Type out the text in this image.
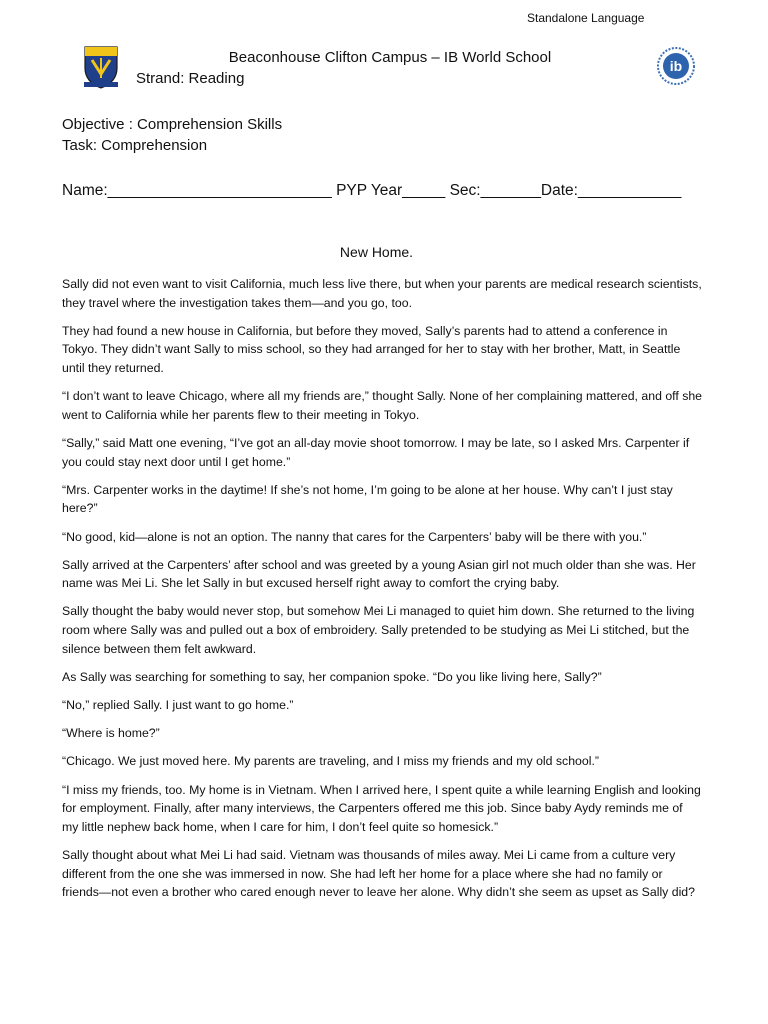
Standalone Language
Beaconhouse Clifton Campus – IB World School
Strand: Reading
ib
Objective : Comprehension Skills
Task: Comprehension
Name:__________________________ PYP Year_____ Sec:_______Date:____________
New Home.

Sally did not even want to visit California, much less live there, but when your parents are medical research scientists, they travel where the investigation takes them—and you go, too.

They had found a new house in California, but before they moved, Sally’s parents had to attend a conference in Tokyo. They didn’t want Sally to miss school, so they had arranged for her to stay with her brother, Matt, in Seattle until they returned.

“I don’t want to leave Chicago, where all my friends are,” thought Sally. None of her complaining mattered, and off she went to California while her parents flew to their meeting in Tokyo.

“Sally,” said Matt one evening, “I’ve got an all-day movie shoot tomorrow. I may be late, so I asked Mrs. Carpenter if you could stay next door until I get home.”

“Mrs. Carpenter works in the daytime! If she’s not home, I’m going to be alone at her house. Why can’t I just stay here?”

“No good, kid—alone is not an option. The nanny that cares for the Carpenters’ baby will be there with you.”

Sally arrived at the Carpenters’ after school and was greeted by a young Asian girl not much older than she was. Her name was Mei Li. She let Sally in but excused herself right away to comfort the crying baby.

Sally thought the baby would never stop, but somehow Mei Li managed to quiet him down. She returned to the living room where Sally was and pulled out a box of embroidery. Sally pretended to be studying as Mei Li stitched, but the silence between them felt awkward.

As Sally was searching for something to say, her companion spoke. “Do you like living here, Sally?”

“No,” replied Sally. I just want to go home.”

“Where is home?”

“Chicago. We just moved here. My parents are traveling, and I miss my friends and my old school.”

“I miss my friends, too. My home is in Vietnam. When I arrived here, I spent quite a while learning English and looking for employment. Finally, after many interviews, the Carpenters offered me this job. Since baby Aydy reminds me of my little nephew back home, when I care for him, I don’t feel quite so homesick.”

Sally thought about what Mei Li had said. Vietnam was thousands of miles away. Mei Li came from a culture very different from the one she was immersed in now. She had left her home for a place where she had no family or friends—not even a brother who cared enough never to leave her alone. Why didn’t she seem as upset as Sally did?
